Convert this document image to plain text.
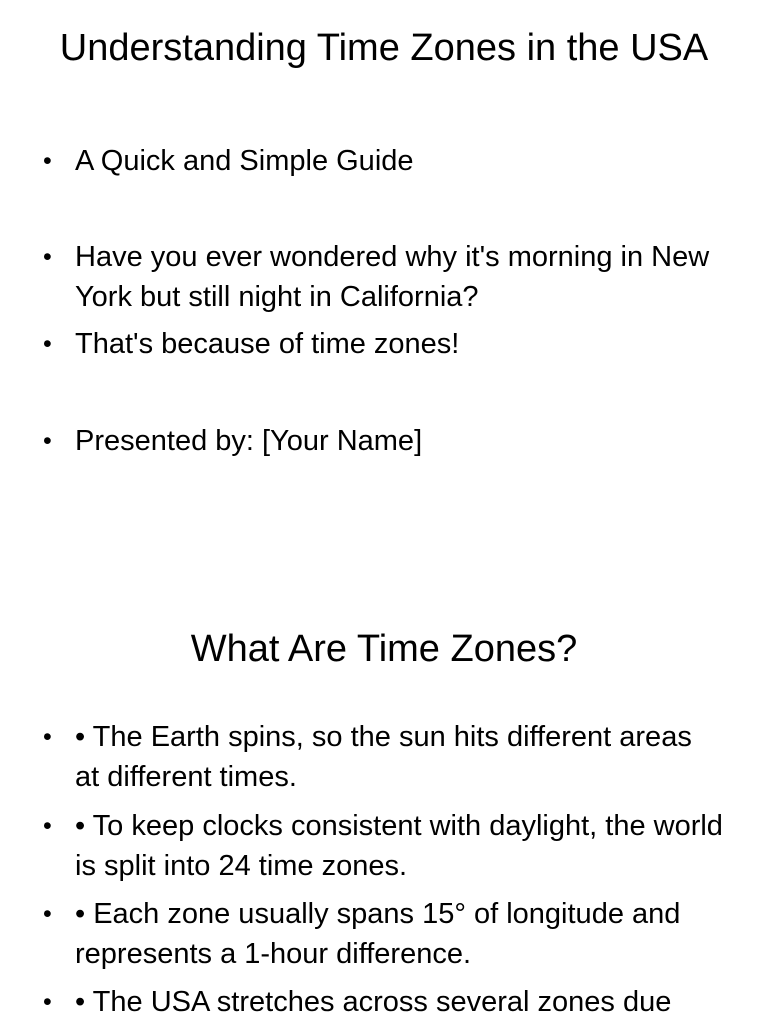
Understanding Time Zones in the USA
• A Quick and Simple Guide
• Have you ever wondered why it's morning in New York but still night in California?
• That's because of time zones!
• Presented by: [Your Name]
What Are Time Zones?
• • The Earth spins, so the sun hits different areas at different times.
• • To keep clocks consistent with daylight, the world is split into 24 time zones.
• • Each zone usually spans 15° of longitude and represents a 1-hour difference.
• • The USA stretches across several zones due
